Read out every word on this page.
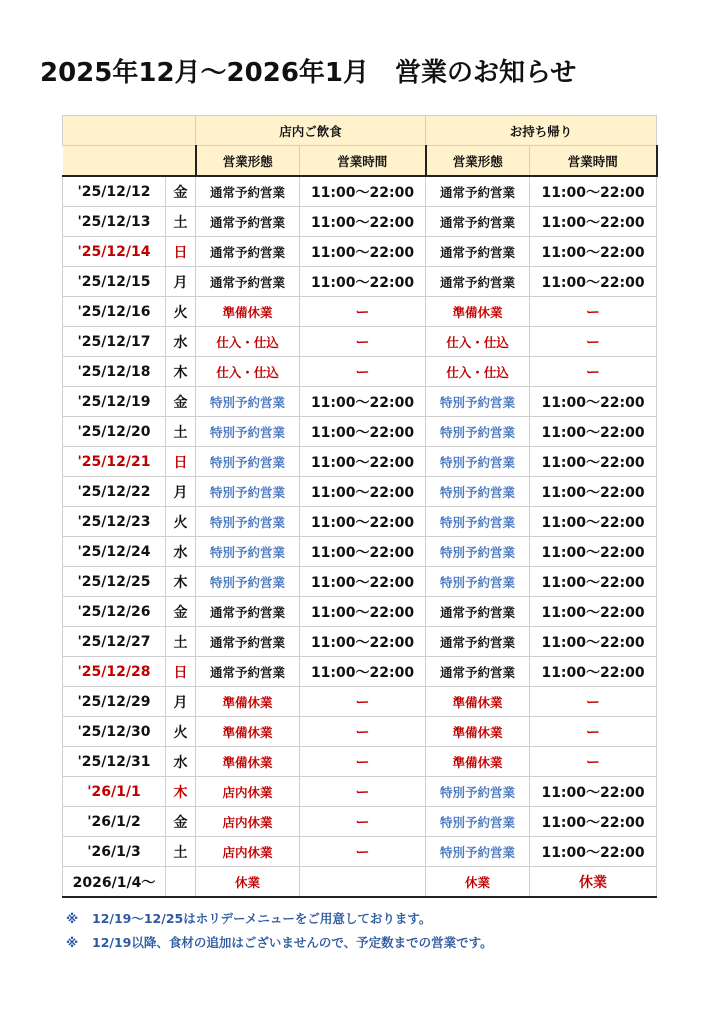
2025年12月～2026年1月　営業のお知らせ
		店内ご飲食		お持ち帰り	
		営業形態	営業時間	営業形態	営業時間
'25/12/12	金	通常予約営業	11:00～22:00	通常予約営業	11:00～22:00
'25/12/13	土	通常予約営業	11:00～22:00	通常予約営業	11:00～22:00
'25/12/14	日	通常予約営業	11:00～22:00	通常予約営業	11:00～22:00
'25/12/15	月	通常予約営業	11:00～22:00	通常予約営業	11:00～22:00
'25/12/16	火	準備休業	ー	準備休業	ー
'25/12/17	水	仕入・仕込	ー	仕入・仕込	ー
'25/12/18	木	仕入・仕込	ー	仕入・仕込	ー
'25/12/19	金	特別予約営業	11:00～22:00	特別予約営業	11:00～22:00
'25/12/20	土	特別予約営業	11:00～22:00	特別予約営業	11:00～22:00
'25/12/21	日	特別予約営業	11:00～22:00	特別予約営業	11:00～22:00
'25/12/22	月	特別予約営業	11:00～22:00	特別予約営業	11:00～22:00
'25/12/23	火	特別予約営業	11:00～22:00	特別予約営業	11:00～22:00
'25/12/24	水	特別予約営業	11:00～22:00	特別予約営業	11:00～22:00
'25/12/25	木	特別予約営業	11:00～22:00	特別予約営業	11:00～22:00
'25/12/26	金	通常予約営業	11:00～22:00	通常予約営業	11:00～22:00
'25/12/27	土	通常予約営業	11:00～22:00	通常予約営業	11:00～22:00
'25/12/28	日	通常予約営業	11:00～22:00	通常予約営業	11:00～22:00
'25/12/29	月	準備休業	ー	準備休業	ー
'25/12/30	火	準備休業	ー	準備休業	ー
'25/12/31	水	準備休業	ー	準備休業	ー
'26/1/1	木	店内休業	ー	特別予約営業	11:00～22:00
'26/1/2	金	店内休業	ー	特別予約営業	11:00～22:00
'26/1/3	土	店内休業	ー	特別予約営業	11:00～22:00
2026/1/4～		休業		休業	休業
※ 12/19～12/25はホリデーメニューをご用意しております。
※ 12/19以降、食材の追加はございませんので、予定数までの営業です。
